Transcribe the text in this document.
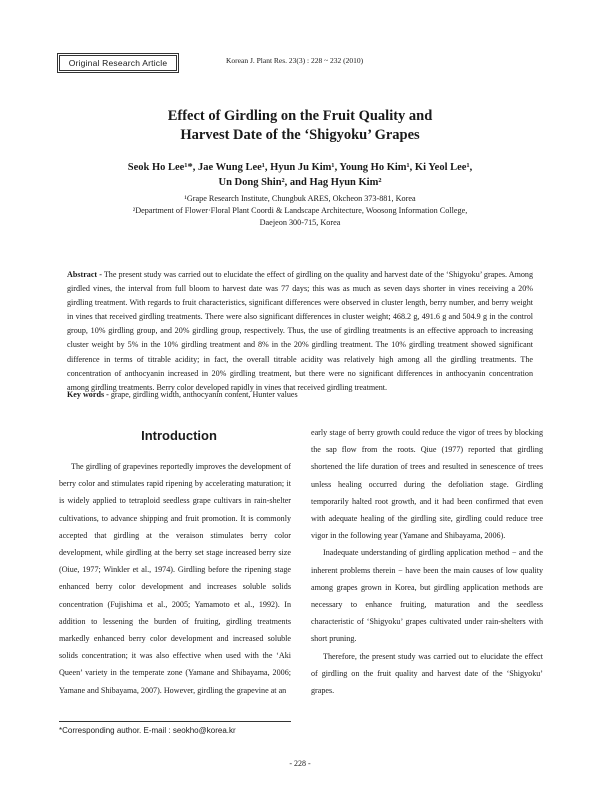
Original Research Article	Korean J. Plant Res. 23(3) : 228 ~ 232 (2010)
Effect of Girdling on the Fruit Quality and
Harvest Date of the ‘Shigyoku’ Grapes
Seok Ho Lee¹*, Jae Wung Lee¹, Hyun Ju Kim¹, Young Ho Kim¹, Ki Yeol Lee¹,
Un Dong Shin², and Hag Hyun Kim²
¹Grape Research Institute, Chungbuk ARES, Okcheon 373-881, Korea
²Department of Flower·Floral Plant Coordi & Landscape Architecture, Woosong Information College,
Daejeon 300-715, Korea

Abstract - The present study was carried out to elucidate the effect of girdling on the quality and harvest date of the ‘Shigyoku’ grapes. Among girdled vines, the interval from full bloom to harvest date was 77 days; this was as much as seven days shorter in vines receiving a 20% girdling treatment. With regards to fruit characteristics, significant differences were observed in cluster length, berry number, and berry weight in vines that received girdling treatments. There were also significant differences in cluster weight; 468.2 g, 491.6 g and 504.9 g in the control group, 10% girdling group, and 20% girdling group, respectively. Thus, the use of girdling treatments is an effective approach to increasing cluster weight by 5% in the 10% girdling treatment and 8% in the 20% girdling treatment. The 10% girdling treatment showed significant difference in terms of titrable acidity; in fact, the overall titrable acidity was relatively high among all the girdling treatments. The concentration of anthocyanin increased in 20% girdling treatment, but there were no significant differences in anthocyanin concentration among girdling treatments. Berry color developed rapidly in vines that received girdling treatment.

Key words - grape, girdling width, anthocyanin content, Hunter values
Introduction

The girdling of grapevines reportedly improves the development of berry color and stimulates rapid ripening by accelerating maturation; it is widely applied to tetraploid seedless grape cultivars in rain-shelter cultivations, to advance shipping and fruit promotion. It is commonly accepted that girdling at the veraison stimulates berry color development, while girdling at the berry set stage increased berry size (Oiue, 1977; Winkler et al., 1974). Girdling before the ripening stage enhanced berry color development and increases soluble solids concentration (Fujishima et al., 2005; Yamamoto et al., 1992). In addition to lessening the burden of fruiting, girdling treatments markedly enhanced berry color development and increased soluble solids concentration; it was also effective when used with the ‘Aki Queen’ variety in the temperate zone (Yamane and Shibayama, 2006; Yamane and Shibayama, 2007). However, girdling the grapevine at an

early stage of berry growth could reduce the vigor of trees by blocking the sap flow from the roots. Qiue (1977) reported that girdling shortened the life duration of trees and resulted in senescence of trees unless healing occurred during the defoliation stage. Girdling temporarily halted root growth, and it had been confirmed that even with adequate healing of the girdling site, girdling could reduce tree vigor in the following year (Yamane and Shibayama, 2006).

Inadequate understanding of girdling application method − and the inherent problems therein − have been the main causes of low quality among grapes grown in Korea, but girdling application methods are necessary to enhance fruiting, maturation and the seedless characteristic of ‘Shigyoku’ grapes cultivated under rain-shelters with short pruning.

Therefore, the present study was carried out to elucidate the effect of girdling on the fruit quality and harvest date of the ‘Shigyoku’ grapes.

*Corresponding author. E-mail : seokho@korea.kr
- 228 -
